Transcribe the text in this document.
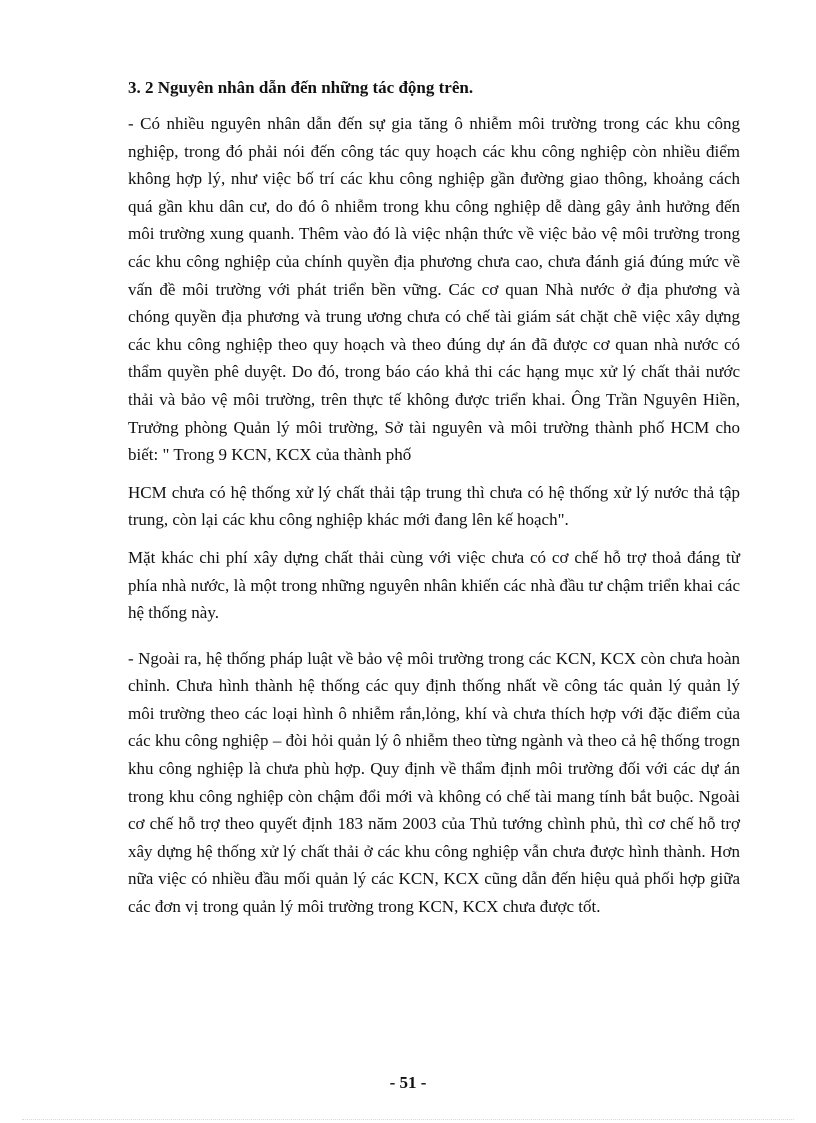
3. 2 Nguyên nhân dẫn đến những tác động trên.

- Có nhiều nguyên nhân dẫn đến sự gia tăng ô nhiễm môi trường trong các khu công nghiệp, trong đó phải nói đến công tác quy hoạch các khu công nghiệp còn nhiều điểm không hợp lý, như việc bố trí các khu công nghiệp gần đường giao thông, khoảng cách quá gần khu dân cư, do đó ô nhiễm trong khu công nghiệp dễ dàng gây ảnh hưởng đến môi trường xung quanh. Thêm vào đó là việc nhận thức về việc bảo vệ môi trường trong các khu công nghiệp của chính quyền địa phương chưa cao, chưa đánh giá đúng mức về vấn đề môi trường với phát triển bền vững. Các cơ quan Nhà nước ở địa phương và chóng quyền địa phương và trung ương chưa có chế tài giám sát chặt chẽ việc xây dựng các khu công nghiệp theo quy hoạch và theo đúng dự án đã được cơ quan nhà nước có thẩm quyền phê duyệt. Do đó, trong báo cáo khả thi các hạng mục xử lý chất thải nước thải và bảo vệ môi trường, trên thực tế không được triển khai. Ông Trần Nguyên Hiền, Trưởng phòng Quản lý môi trường, Sở tài nguyên và môi trường thành phố HCM cho biết: " Trong 9 KCN, KCX của thành phố

HCM chưa có hệ thống xử lý chất thải tập trung thì chưa có hệ thống xử lý nước thả tập trung, còn lại các khu công nghiệp khác mới đang lên kế hoạch".

Mặt khác chi phí xây dựng chất thải cùng với việc chưa có cơ chế hỗ trợ thoả đáng từ phía nhà nước, là một trong những nguyên nhân khiến các nhà đầu tư chậm triển khai các hệ thống này.

- Ngoài ra, hệ thống pháp luật về bảo vệ môi trường trong các KCN, KCX còn chưa hoàn chỉnh. Chưa hình thành hệ thống các quy định thống nhất về công tác quản lý quản lý môi trường theo các loại hình ô nhiễm rắn,lỏng, khí và chưa thích hợp với đặc điểm của các khu công nghiệp – đòi hỏi quản lý ô nhiễm theo từng ngành và theo cả hệ thống trogn khu công nghiệp là chưa phù hợp. Quy định về thẩm định môi trường đối với các dự án trong khu công nghiệp còn chậm đổi mới và không có chế tài mang tính bắt buộc. Ngoài cơ chế hỗ trợ theo quyết định 183 năm 2003 của Thủ tướng chình phủ, thì cơ chế hỗ trợ xây dựng hệ thống xử lý chất thải ở các khu công nghiệp vẫn chưa được hình thành. Hơn nữa việc có nhiều đầu mối quản lý các KCN, KCX cũng dẫn đến hiệu quả phối hợp giữa các đơn vị trong quản lý môi trường trong KCN, KCX chưa được tốt.

- 51 -
